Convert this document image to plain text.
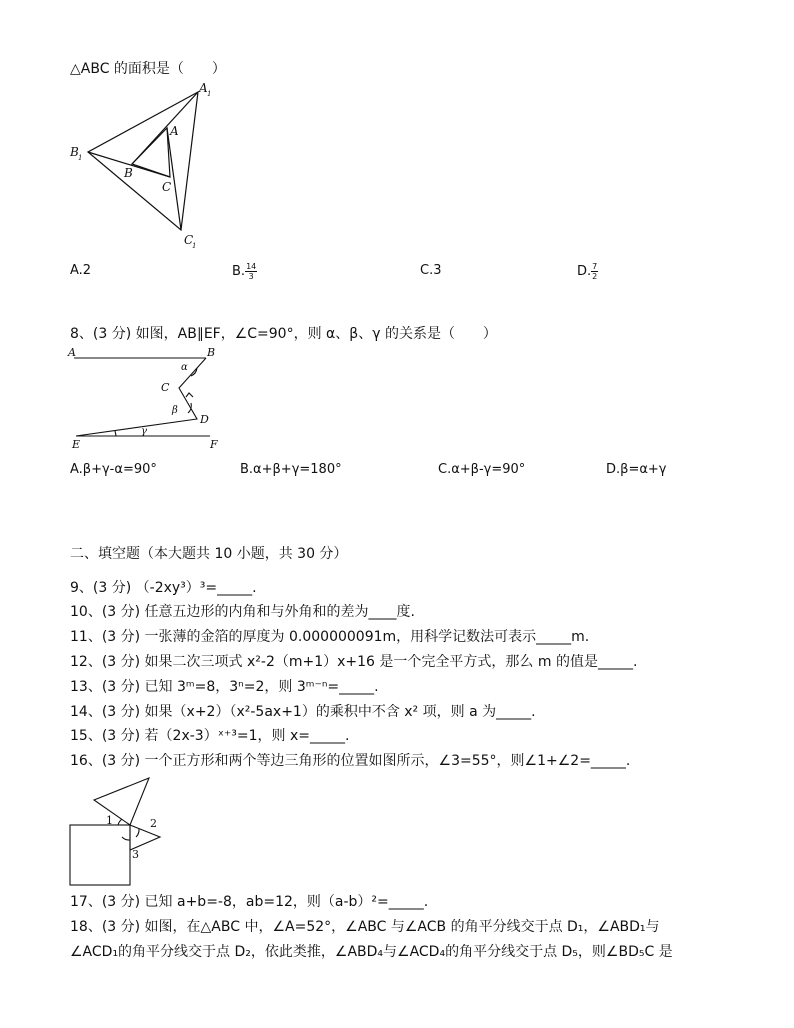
△ABC 的面积是（　　）
A 1
B 1
C
1
A
B
C
A.2	B. $\frac{14}{3}$	C.3	D. $\frac{7}{2}$
8、(3 分) 如图，AB∥EF，∠C=90°，则 α、β、γ 的关系是（　　）
A	B
C
D
E	F
α
β
γ
A.β+γ-α=90°	B.α+β+γ=180°	C.α+β-γ=90°	D.β=α+γ
二、填空题（本大题共 10 小题，共 30 分）
9、(3 分) （-2xy³）³=_____.
10、(3 分) 任意五边形的内角和与外角和的差为____度.
11、(3 分) 一张薄的金箔的厚度为 0.000000091m，用科学记数法可表示_____m.
12、(3 分) 如果二次三项式 x²-2（m+1）x+16 是一个完全平方式，那么 m 的值是_____.
13、(3 分) 已知 3ᵐ=8，3ⁿ=2，则 3ᵐ⁻ⁿ=_____.
14、(3 分) 如果（x+2）（x²-5ax+1）的乘积中不含 x² 项，则 a 为_____.
15、(3 分) 若（2x-3）ˣ⁺³=1，则 x=_____.
16、(3 分) 一个正方形和两个等边三角形的位置如图所示，∠3=55°，则∠1+∠2=_____.
1	2
3
17、(3 分) 已知 a+b=-8，ab=12，则（a-b）²=_____.
18、(3 分) 如图，在△ABC 中，∠A=52°，∠ABC 与∠ACB 的角平分线交于点 D₁，∠ABD₁与
∠ACD₁的角平分线交于点 D₂，依此类推，∠ABD₄与∠ACD₄的角平分线交于点 D₅，则∠BD₅C 是
